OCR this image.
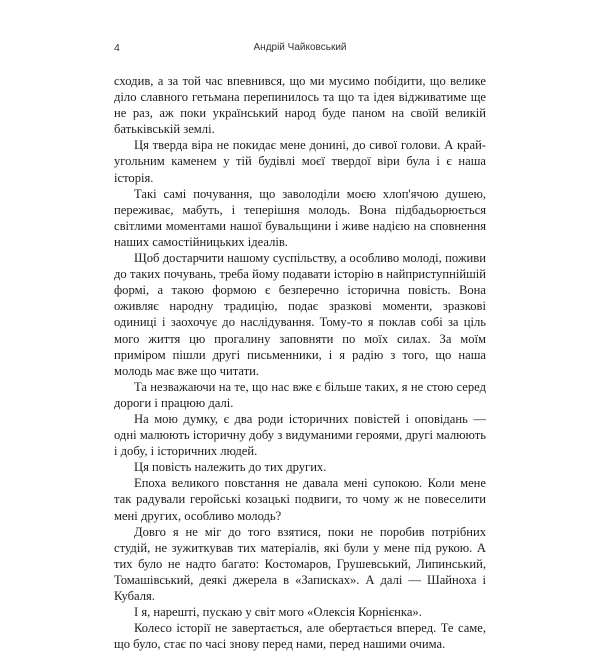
4	Андрій Чайковський

сходив, а за той час впевнився, що ми мусимо побідити, що велике діло славного гетьмана перепинилось та що та ідея відживатиме ще не раз, аж поки український народ буде паном на своїй великій батьківській землі.

Ця тверда віра не покидає мене донині, до сивої голови. А край-угольним каменем у тій будівлі моєї твердої віри була і є наша історія.

Такі самі почування, що заволоділи моєю хлоп'ячою душею, переживає, мабуть, і теперішня молодь. Вона підбадьорюється світлими моментами нашої бувальщини і живе надією на сповнення наших самостійницьких ідеалів.

Щоб достарчити нашому суспільству, а особливо молоді, поживи до таких почувань, треба йому подавати історію в найприступнійшій формі, а такою формою є безперечно історична повість. Вона оживляє народну традицію, подає зразкові моменти, зразкові одиниці і заохочує до наслідування. Тому-то я поклав собі за ціль мого життя цю прогалину заповняти по моїх силах. За моїм приміром пішли другі письменники, і я радію з того, що наша молодь має вже що читати.

Та незважаючи на те, що нас вже є більше таких, я не стою серед дороги і працюю далі.

На мою думку, є два роди історичних повістей і оповідань — одні малюють історичну добу з видуманими героями, другі малюють і добу, і історичних людей.

Ця повість належить до тих других.

Епоха великого повстання не давала мені супокою. Коли мене так радували геройські козацькі подвиги, то чому ж не повеселити мені других, особливо молодь?

Довго я не міг до того взятися, поки не поробив потрібних студій, не зужиткував тих матеріалів, які були у мене під рукою. А тих було не надто багато: Костомаров, Грушевський, Липинський, Томашівський, деякі джерела в «Записках». А далі — Шайноха і Кубаля.

І я, нарешті, пускаю у світ мого «Олексія Корнієнка».

Колесо історії не завертається, але обертається вперед. Те саме, що було, стає по часі знову перед нами, перед нашими очима.
